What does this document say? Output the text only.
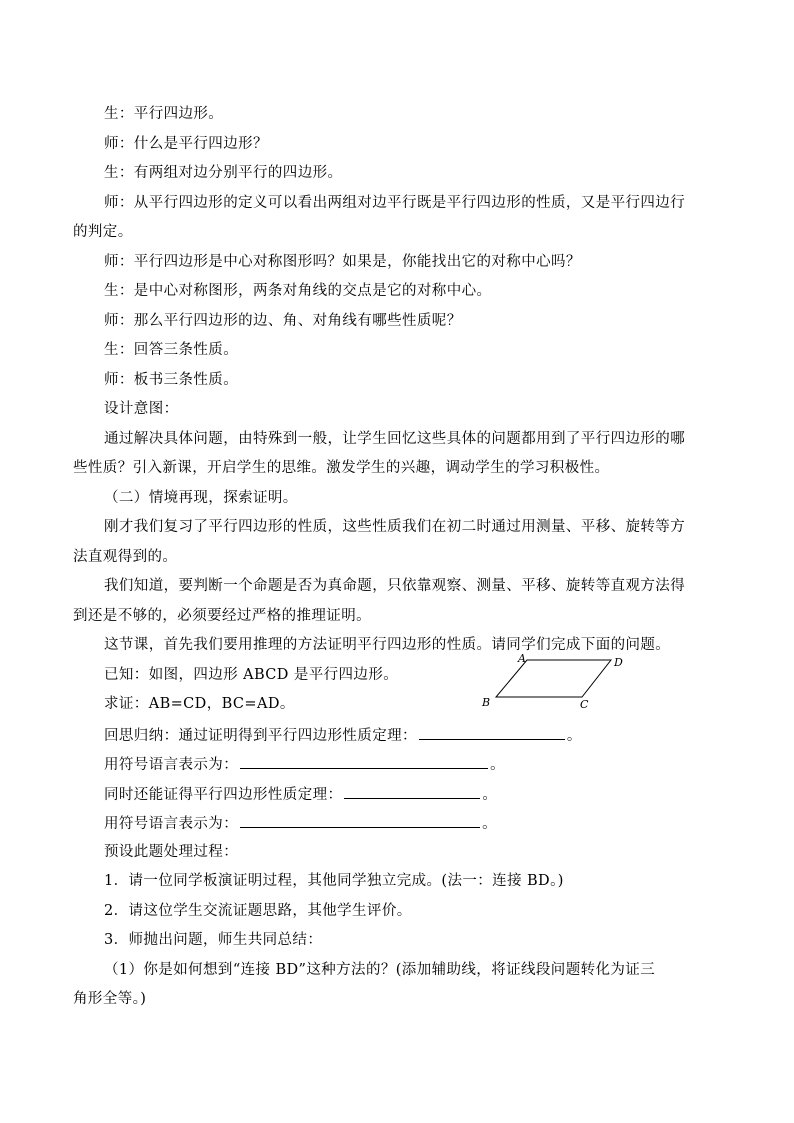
生：平行四边形。
师：什么是平行四边形？
生：有两组对边分别平行的四边形。
师：从平行四边形的定义可以看出两组对边平行既是平行四边形的性质，又是平行四边行
的判定。
师：平行四边形是中心对称图形吗？如果是，你能找出它的对称中心吗？
生：是中心对称图形，两条对角线的交点是它的对称中心。
师：那么平行四边形的边、角、对角线有哪些性质呢？
生：回答三条性质。
师：板书三条性质。
设计意图：
通过解决具体问题，由特殊到一般，让学生回忆这些具体的问题都用到了平行四边形的哪
些性质？引入新课，开启学生的思维。激发学生的兴趣，调动学生的学习积极性。
（二）情境再现，探索证明。
刚才我们复习了平行四边形的性质，这些性质我们在初二时通过用测量、平移、旋转等方
法直观得到的。
我们知道，要判断一个命题是否为真命题，只依靠观察、测量、平移、旋转等直观方法得
到还是不够的，必须要经过严格的推理证明。
这节课，首先我们要用推理的方法证明平行四边形的性质。请同学们完成下面的问题。
已知：如图，四边形 ABCD 是平行四边形。
求证：AB=CD，BC=AD。
回思归纳：通过证明得到平行四边形性质定理：	。
用符号语言表示为：	。
同时还能证得平行四边形性质定理：	。
用符号语言表示为：	。
预设此题处理过程：
1．请一位同学板演证明过程，其他同学独立完成。(法一：连接 BD。)
2．请这位学生交流证题思路，其他学生评价。
3．师抛出问题，师生共同总结：
（1）你是如何想到“连接 BD”这种方法的？(添加辅助线，将证线段问题转化为证三
角形全等。)
A	D
B	C
